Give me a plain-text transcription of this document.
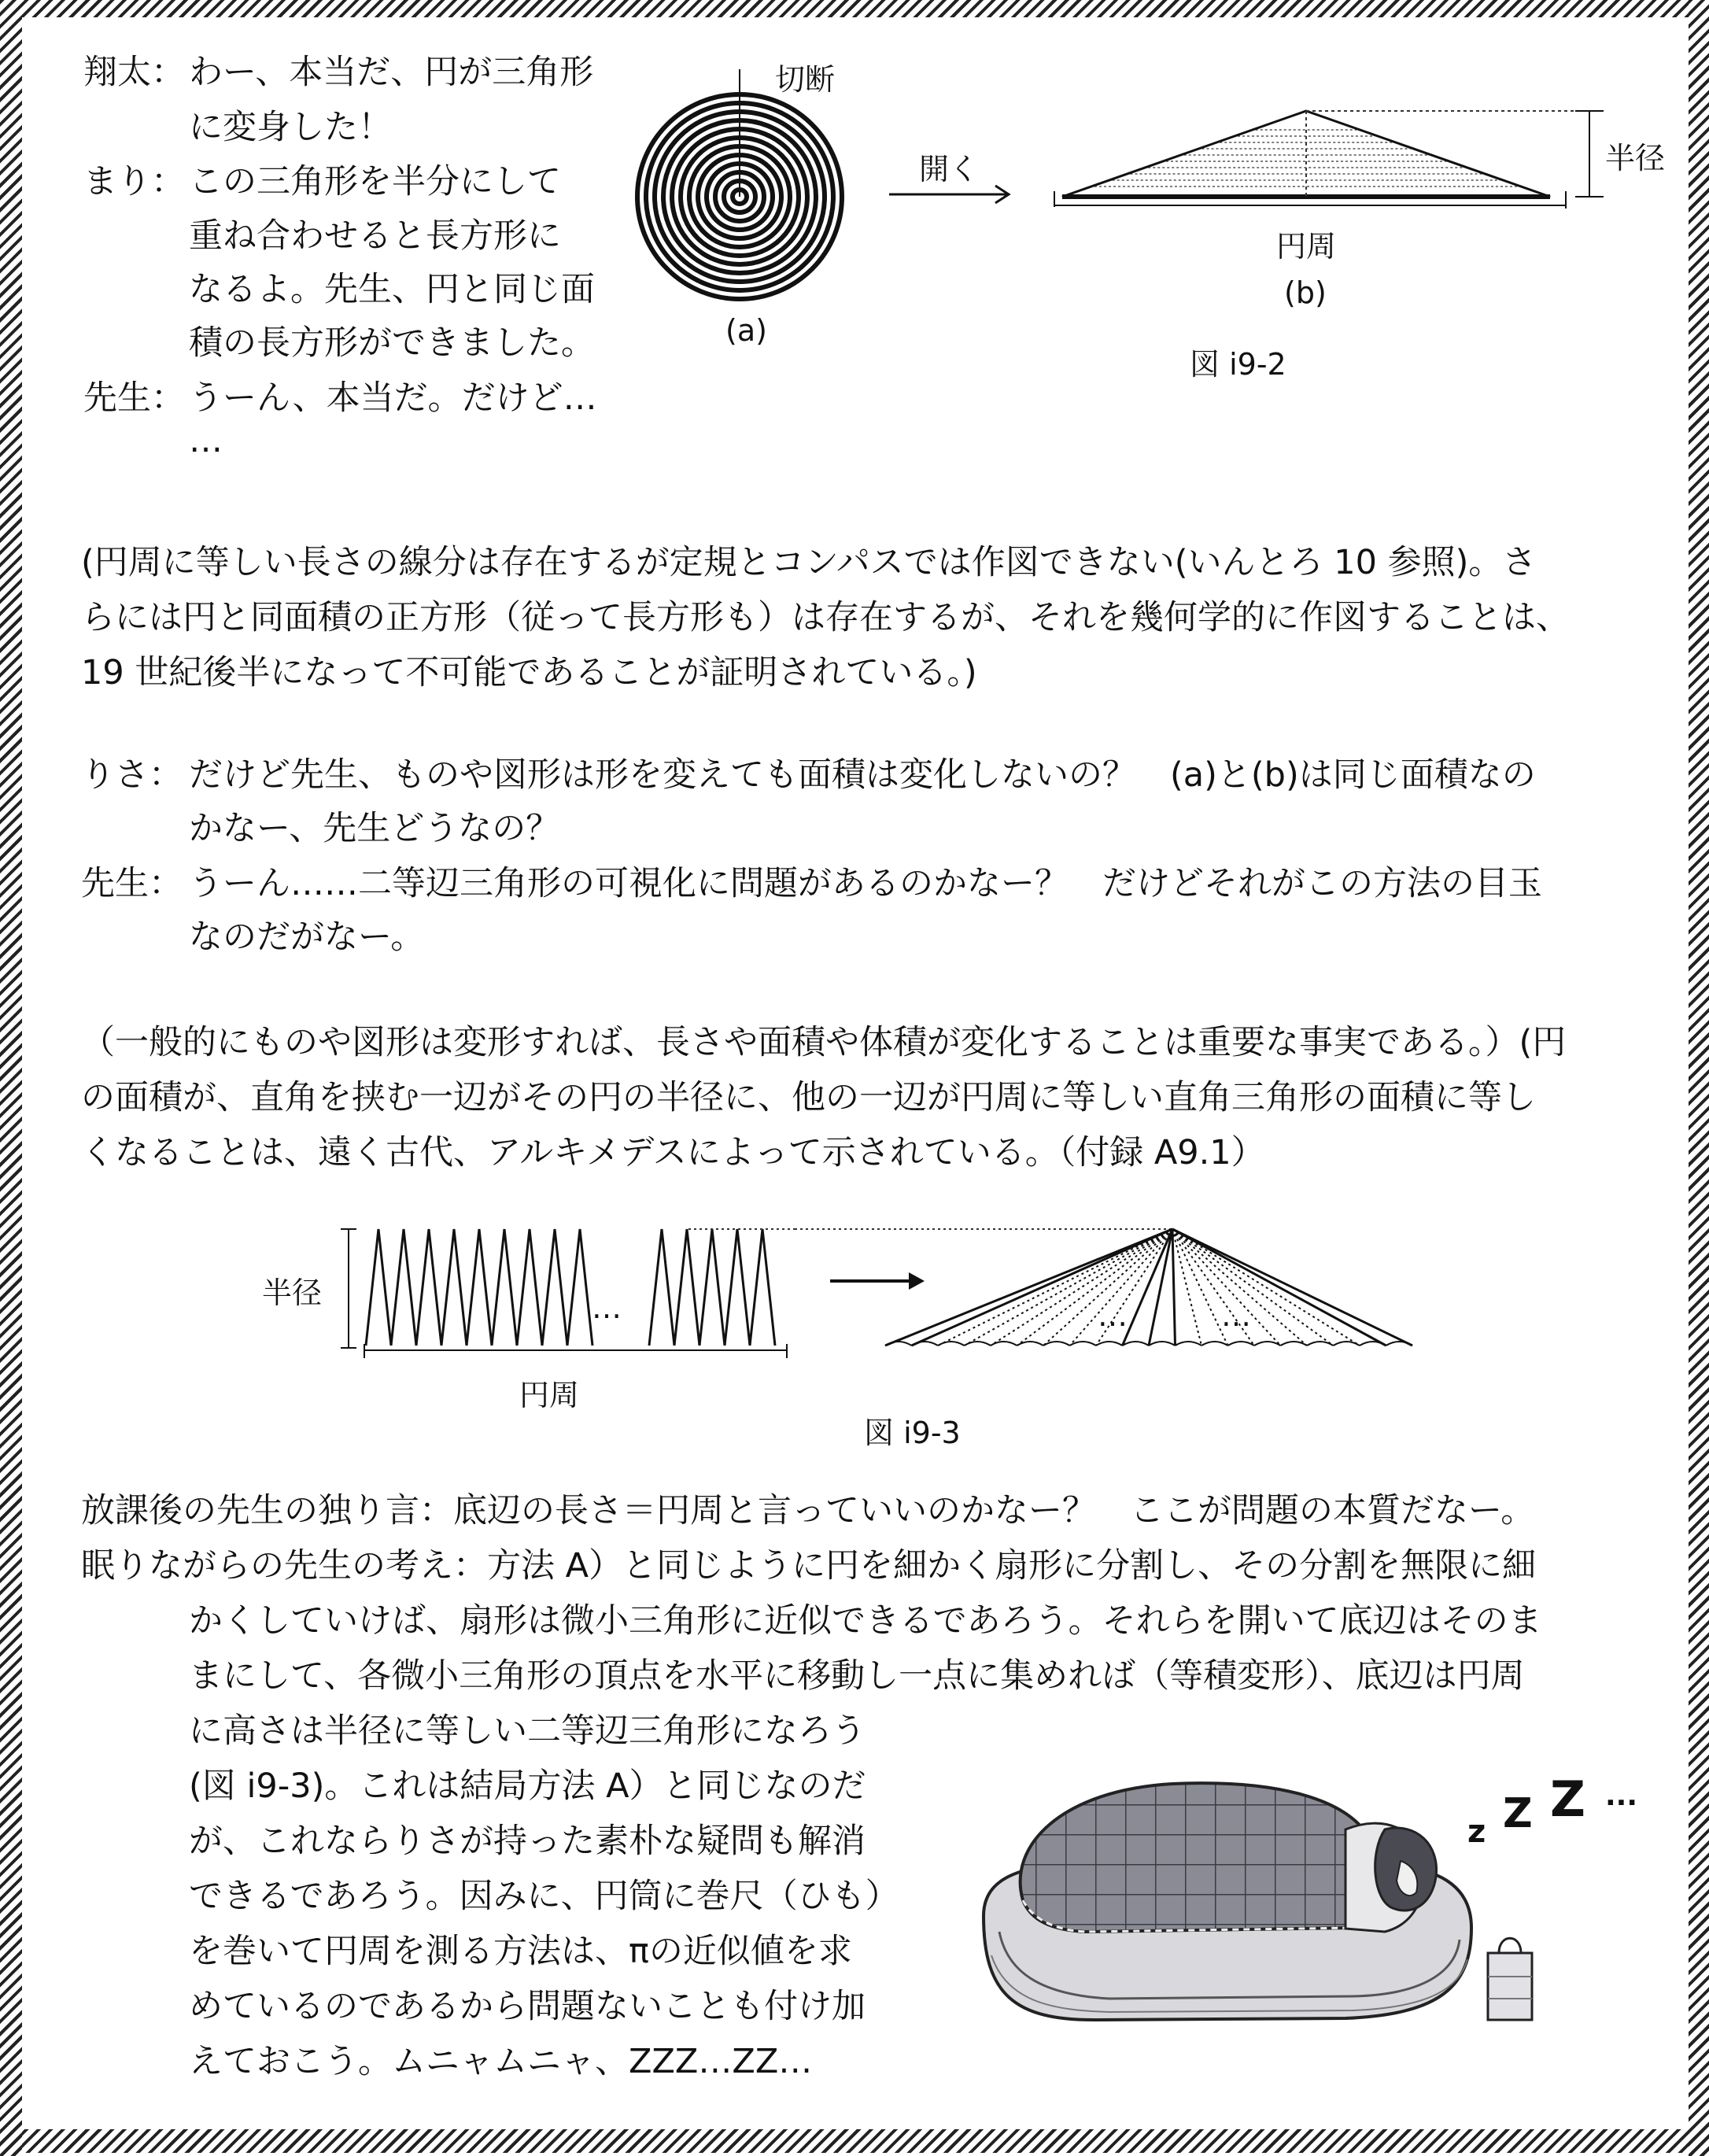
翔太： わー、本当だ、円が三角形
に変身した！
まり： この三角形を半分にして
重ね合わせると長方形に
なるよ。先生、円と同じ面
積の長方形ができました。
先生： うーん、本当だ。だけど…
…
切断
(a)
開く	半径
円周
(b)
図 i9-2
(円周に等しい長さの線分は存在するが定規とコンパスでは作図できない(いんとろ 10 参照)。さ
らには円と同面積の正方形（従って長方形も）は存在するが、それを幾何学的に作図することは、
19 世紀後半になって不可能であることが証明されている。)
りさ： だけど先生、ものや図形は形を変えても面積は変化しないの？　(a)と(b)は同じ面積なの
かなー、先生どうなの？
先生： うーん……二等辺三角形の可視化に問題があるのかなー？　だけどそれがこの方法の目玉
なのだがなー。
（一般的にものや図形は変形すれば、長さや面積や体積が変化することは重要な事実である。）(円
の面積が、直角を挟む一辺がその円の半径に、他の一辺が円周に等しい直角三角形の面積に等し
くなることは、遠く古代、アルキメデスによって示されている。（付録 A9.1）
半径	…
円周
…	…
図 i9-3
放課後の先生の独り言：底辺の長さ＝円周と言っていいのかなー？　ここが問題の本質だなー。
眠りながらの先生の考え：方法 A）と同じように円を細かく扇形に分割し、その分割を無限に細
かくしていけば、扇形は微小三角形に近似できるであろう。それらを開いて底辺はそのま
まにして、各微小三角形の頂点を水平に移動し一点に集めれば（等積変形）、底辺は円周
に高さは半径に等しい二等辺三角形になろう
(図 i9-3)。これは結局方法 A）と同じなのだ
が、これならりさが持った素朴な疑問も解消
できるであろう。因みに、円筒に巻尺（ひも）
を巻いて円周を測る方法は、πの近似値を求
めているのであるから問題ないことも付け加
えておこう。ムニャムニャ、ZZZ…ZZ…
z Z Z ...
